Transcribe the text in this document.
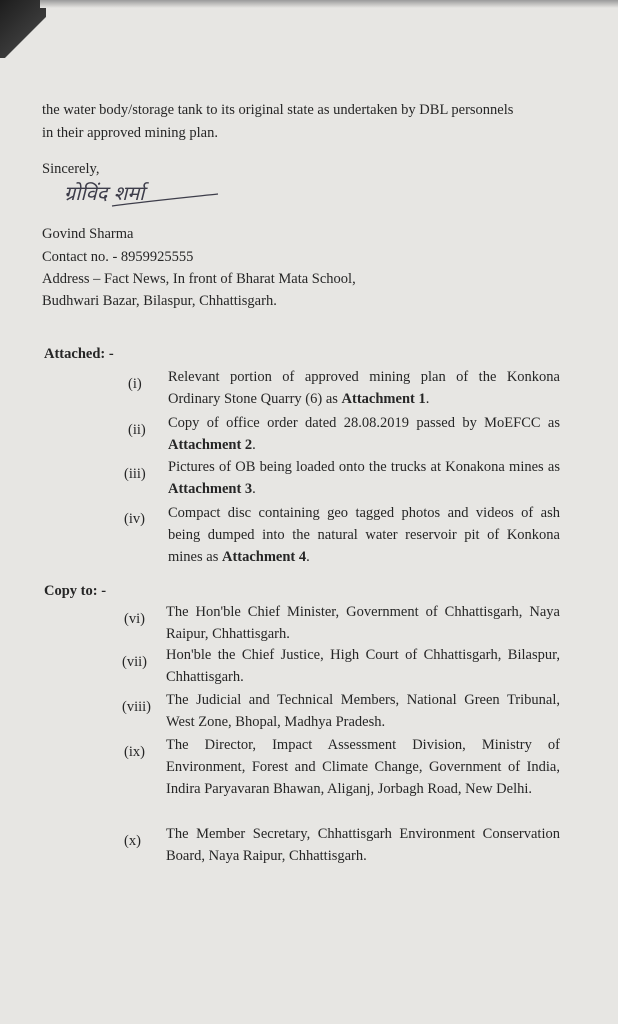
the water body/storage tank to its original state as undertaken by DBL personnels
in their approved mining plan.
Sincerely,
ग्रोविंद शर्मा
Govind Sharma
Contact no. - 8959925555
Address – Fact News, In front of Bharat Mata School,
Budhwari Bazar, Bilaspur, Chhattisgarh.
Attached: -
(i) Relevant portion of approved mining plan of the Konkona Ordinary Stone Quarry (6) as Attachment 1.
(ii) Copy of office order dated 28.08.2019 passed by MoEFCC as Attachment 2.
(iii) Pictures of OB being loaded onto the trucks at Konakona mines as Attachment 3.
(iv) Compact disc containing geo tagged photos and videos of ash being dumped into the natural water reservoir pit of Konkona mines as Attachment 4.
Copy to: -
(vi) The Hon'ble Chief Minister, Government of Chhattisgarh, Naya Raipur, Chhattisgarh.
(vii) Hon'ble the Chief Justice, High Court of Chhattisgarh, Bilaspur, Chhattisgarh.
(viii) The Judicial and Technical Members, National Green Tribunal, West Zone, Bhopal, Madhya Pradesh.
(ix) The Director, Impact Assessment Division, Ministry of Environment, Forest and Climate Change, Government of India, Indira Paryavaran Bhawan, Aliganj, Jorbagh Road, New Delhi.
(x) The Member Secretary, Chhattisgarh Environment Conservation Board, Naya Raipur, Chhattisgarh.
